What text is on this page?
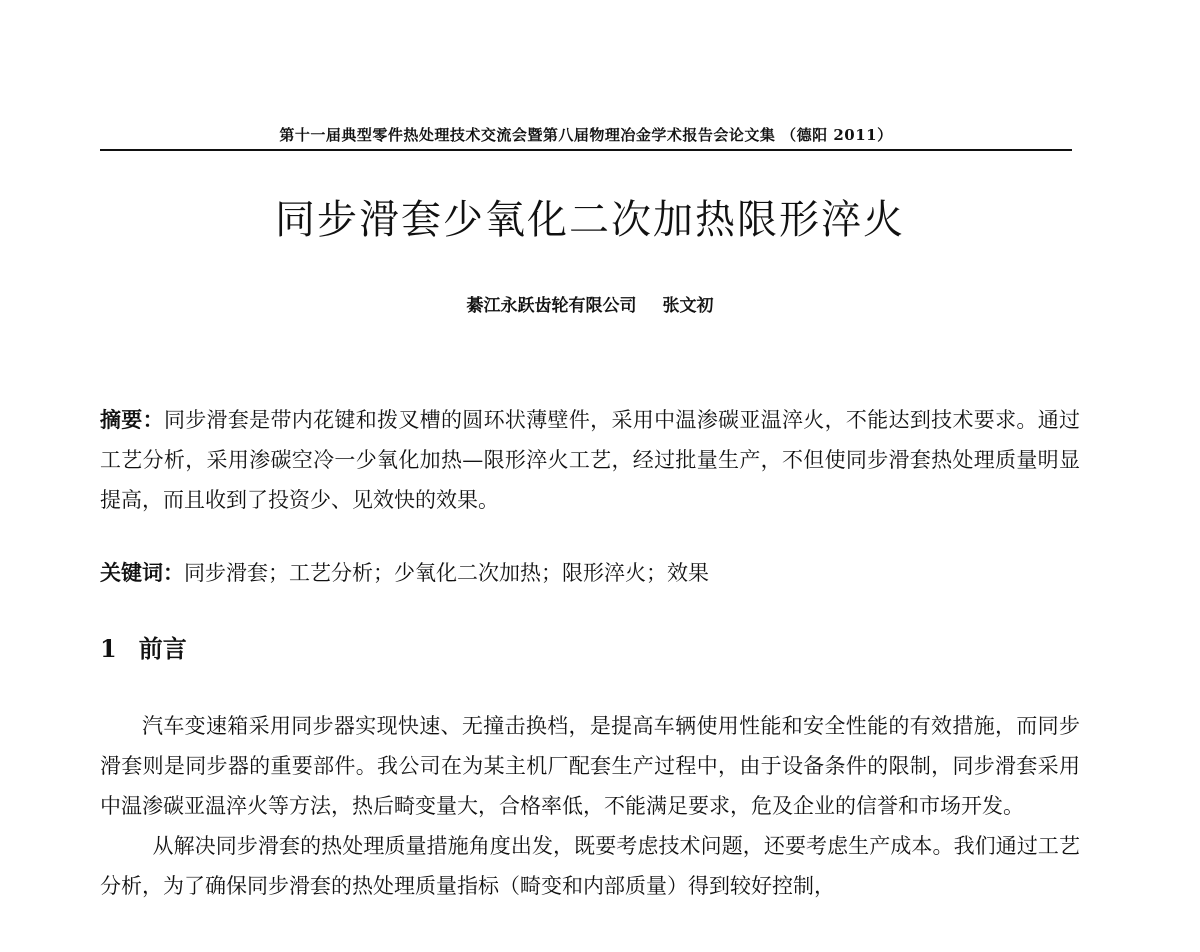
第十一届典型零件热处理技术交流会暨第八届物理冶金学术报告会论文集 （德阳 2011）
同步滑套少氧化二次加热限形淬火
綦江永跃齿轮有限公司 张文初

摘要：同步滑套是带内花键和拨叉槽的圆环状薄壁件，采用中温渗碳亚温淬火，不能达到技术要求。通过工艺分析，采用渗碳空冷一少氧化加热—限形淬火工艺，经过批量生产，不但使同步滑套热处理质量明显提高，而且收到了投资少、见效快的效果。

关键词：同步滑套；工艺分析；少氧化二次加热；限形淬火；效果

1 前言

汽车变速箱采用同步器实现快速、无撞击换档，是提高车辆使用性能和安全性能的有效措施，而同步滑套则是同步器的重要部件。我公司在为某主机厂配套生产过程中，由于设备条件的限制，同步滑套采用中温渗碳亚温淬火等方法，热后畸变量大，合格率低，不能满足要求，危及企业的信誉和市场开发。

从解决同步滑套的热处理质量措施角度出发，既要考虑技术问题，还要考虑生产成本。我们通过工艺分析，为了确保同步滑套的热处理质量指标（畸变和内部质量）得到较好控制，
